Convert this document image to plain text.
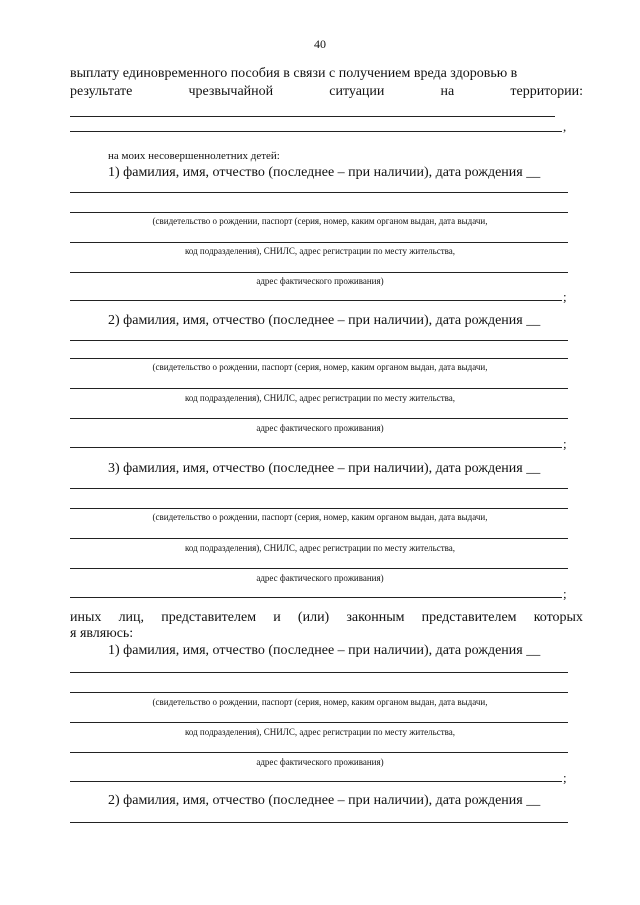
40
выплату единовременного пособия в связи с получением вреда здоровью в
результате	чрезвычайной	ситуации	на	территории:
,
на моих несовершеннолетних детей:
1) фамилия, имя, отчество (последнее – при наличии), дата рождения __
(свидетельство о рождении, паспорт (серия, номер, каким органом выдан, дата выдачи,
код подразделения), СНИЛС, адрес регистрации по месту жительства,
адрес фактического проживания)
;
2) фамилия, имя, отчество (последнее – при наличии), дата рождения __
(свидетельство о рождении, паспорт (серия, номер, каким органом выдан, дата выдачи,
код подразделения), СНИЛС, адрес регистрации по месту жительства,
адрес фактического проживания)
;
3) фамилия, имя, отчество (последнее – при наличии), дата рождения __
(свидетельство о рождении, паспорт (серия, номер, каким органом выдан, дата выдачи,
код подразделения), СНИЛС, адрес регистрации по месту жительства,
адрес фактического проживания)
;
иных лиц, представителем и (или) законным представителем которых
я являюсь:
1) фамилия, имя, отчество (последнее – при наличии), дата рождения __
(свидетельство о рождении, паспорт (серия, номер, каким органом выдан, дата выдачи,
код подразделения), СНИЛС, адрес регистрации по месту жительства,
адрес фактического проживания)
;
2) фамилия, имя, отчество (последнее – при наличии), дата рождения __
